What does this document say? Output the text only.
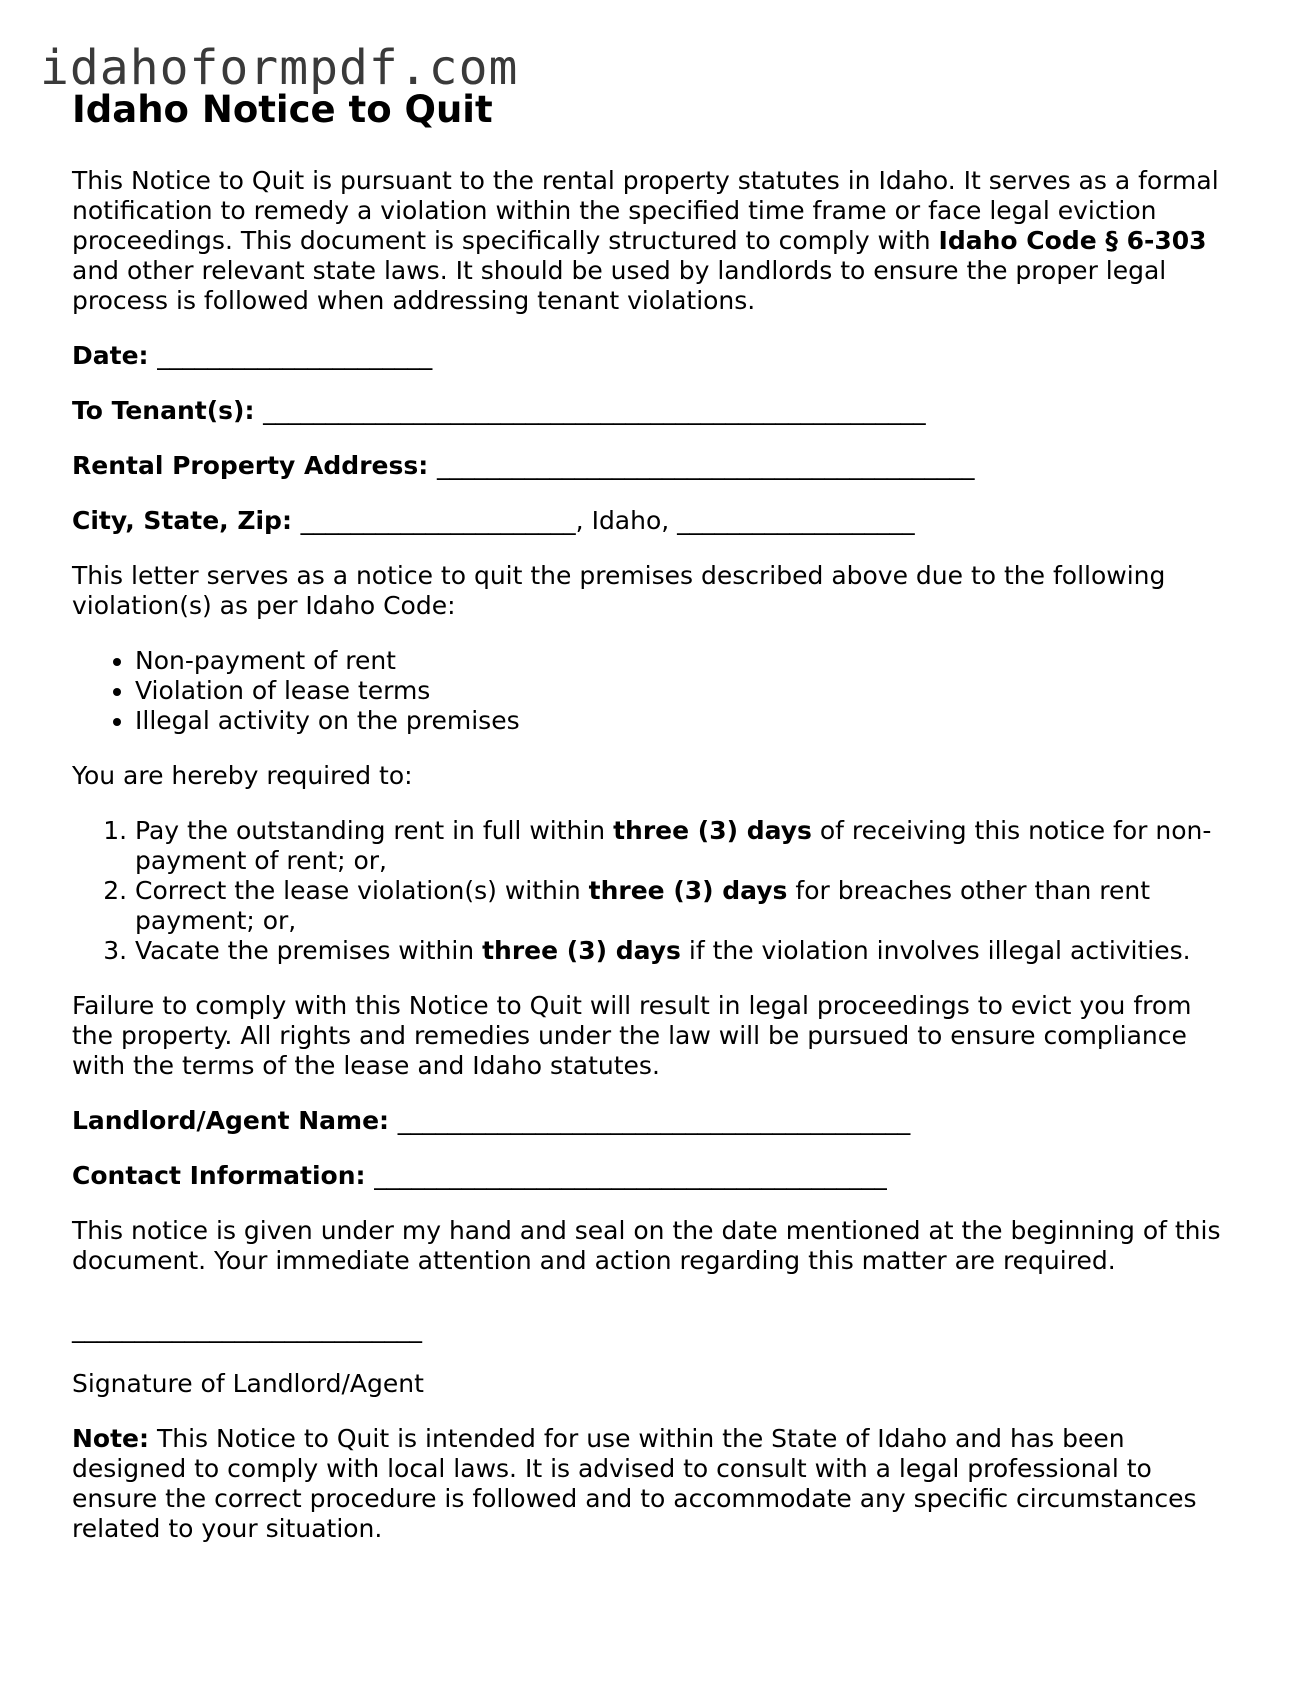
idahoformpdf.com
Idaho Notice to Quit

This Notice to Quit is pursuant to the rental property statutes in Idaho. It serves as a formal notification to remedy a violation within the specified time frame or face legal eviction proceedings. This document is specifically structured to comply with Idaho Code § 6-303 and other relevant state laws. It should be used by landlords to ensure the proper legal process is followed when addressing tenant violations.

Date: ______________________
To Tenant(s): _____________________________________________________
Rental Property Address: ___________________________________________
City, State, Zip: ______________________, Idaho, ___________________

This letter serves as a notice to quit the premises described above due to the following violation(s) as per Idaho Code:

• Non-payment of rent
• Violation of lease terms
• Illegal activity on the premises

You are hereby required to:

1. Pay the outstanding rent in full within three (3) days of receiving this notice for non-payment of rent; or,
2. Correct the lease violation(s) within three (3) days for breaches other than rent payment; or,
3. Vacate the premises within three (3) days if the violation involves illegal activities.

Failure to comply with this Notice to Quit will result in legal proceedings to evict you from the property. All rights and remedies under the law will be pursued to ensure compliance with the terms of the lease and Idaho statutes.

Landlord/Agent Name: _________________________________________
Contact Information: _________________________________________

This notice is given under my hand and seal on the date mentioned at the beginning of this document. Your immediate attention and action regarding this matter are required.

____________________________

Signature of Landlord/Agent

Note: This Notice to Quit is intended for use within the State of Idaho and has been designed to comply with local laws. It is advised to consult with a legal professional to ensure the correct procedure is followed and to accommodate any specific circumstances related to your situation.
